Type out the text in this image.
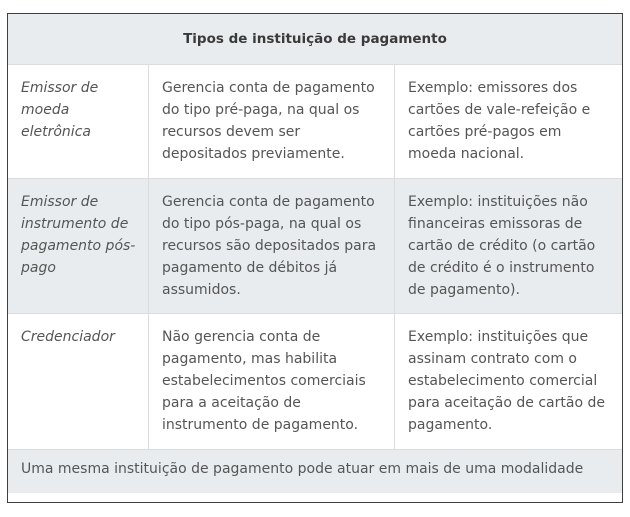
Tipos de instituição de pagamento
Emissor de moeda eletrônica
Gerencia conta de pagamento do tipo pré-paga, na qual os recursos devem ser depositados previamente.
Exemplo: emissores dos cartões de vale-refeição e cartões pré-pagos em moeda nacional.
Emissor de instrumento de pagamento pós-pago
Gerencia conta de pagamento do tipo pós-paga, na qual os recursos são depositados para pagamento de débitos já assumidos.
Exemplo: instituições não financeiras emissoras de cartão de crédito (o cartão de crédito é o instrumento de pagamento).
Credenciador	Não gerencia conta de pagamento, mas habilita estabelecimentos comerciais para a aceitação de instrumento de pagamento.
Exemplo: instituições que assinam contrato com o estabelecimento comercial para aceitação de cartão de pagamento.
Uma mesma instituição de pagamento pode atuar em mais de uma modalidade
